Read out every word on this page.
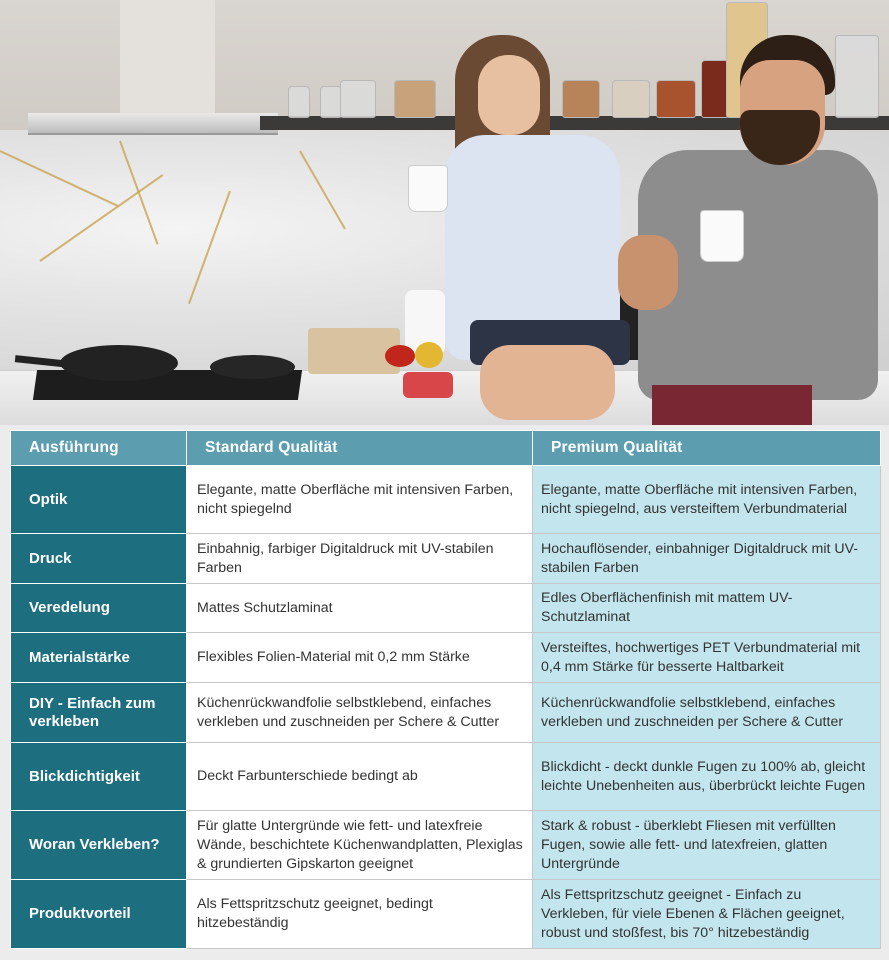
Ausführung	Standard Qualität	Premium Qualität
Optik	Elegante, matte Oberfläche mit intensiven Farben, nicht spiegelnd	Elegante, matte Oberfläche mit intensiven Farben, nicht spiegelnd, aus versteiftem Verbundmaterial
Druck	Einbahnig, farbiger Digitaldruck mit UV-stabilen Farben	Hochauflösender, einbahniger Digitaldruck mit UV-stabilen Farben
Veredelung	Mattes Schutzlaminat	Edles Oberflächenfinish mit mattem UV-Schutzlaminat
Materialstärke	Flexibles Folien-Material mit 0,2 mm Stärke	Versteiftes, hochwertiges PET Verbundmaterial mit 0,4 mm Stärke für besserte Haltbarkeit
DIY - Einfach zum verkleben	Küchenrückwandfolie selbstklebend, einfaches verkleben und zuschneiden per Schere & Cutter	Küchenrückwandfolie selbstklebend, einfaches verkleben und zuschneiden per Schere & Cutter
Blickdichtigkeit	Deckt Farbunterschiede bedingt ab	Blickdicht - deckt dunkle Fugen zu 100% ab, gleicht leichte Unebenheiten aus, überbrückt leichte Fugen
Woran Verkleben?	Für glatte Untergründe wie fett- und latexfreie Wände, beschichtete Küchenwandplatten, Plexiglas & grundierten Gipskarton geeignet	Stark & robust - überklebt Fliesen mit verfüllten Fugen, sowie alle fett- und latexfreien, glatten Untergründe
Produktvorteil	Als Fettspritzschutz geeignet, bedingt hitzebeständig	Als Fettspritzschutz geeignet - Einfach zu Verkleben, für viele Ebenen & Flächen geeignet, robust und stoßfest, bis 70° hitzebeständig
